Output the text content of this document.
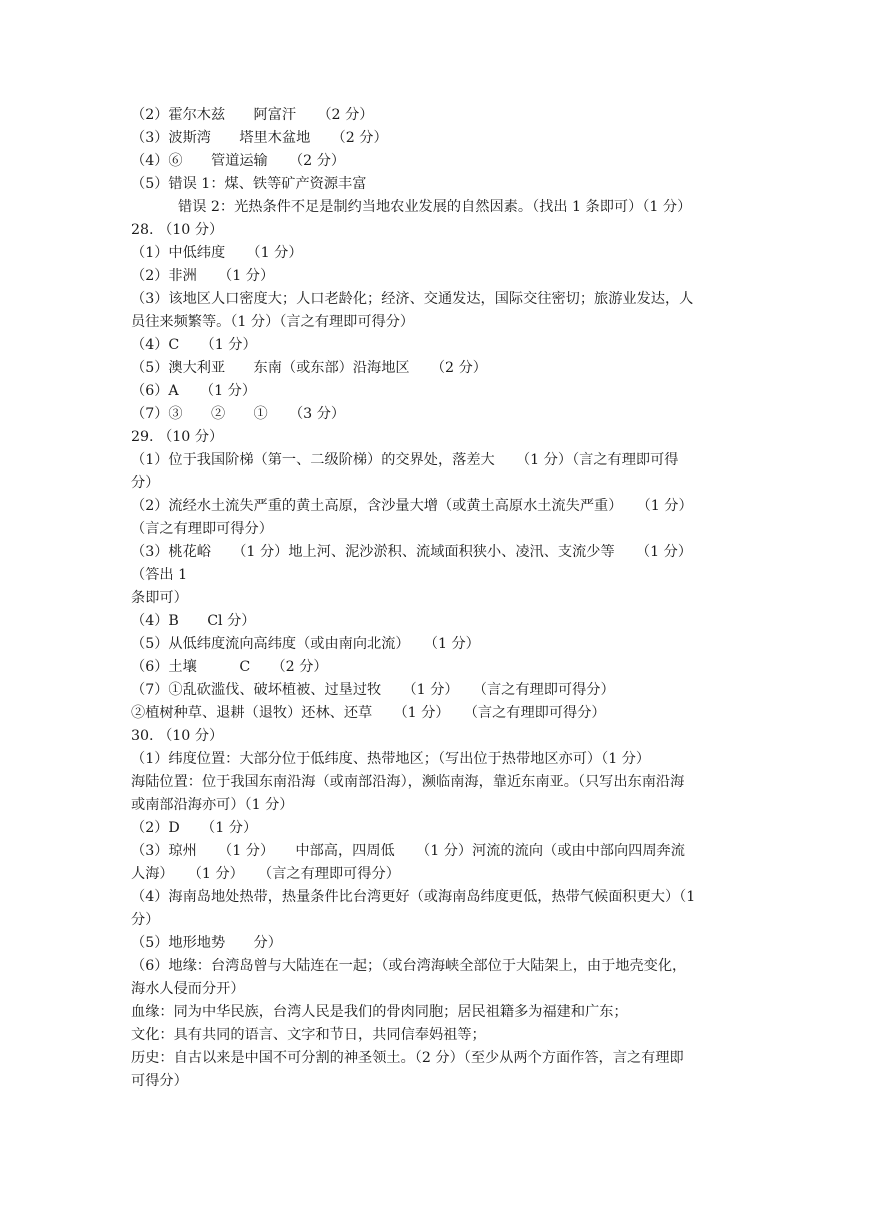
（2）霍尔木兹　　阿富汗　　（2 分）
（3）波斯湾　　塔里木盆地　　（2 分）
（4）⑥　　管道运输　　（2 分）
（5）错误 1：煤、铁等矿产资源丰富
错误 2：光热条件不足是制约当地农业发展的自然因素。（找出 1 条即可）（1 分）
28. （10 分）
（1）中低纬度　　（1 分）
（2）非洲　　（1 分）
（3）该地区人口密度大；人口老龄化；经济、交通发达，国际交往密切；旅游业发达，人
员往来频繁等。（1 分）（言之有理即可得分）
（4）C　　（1 分）
（5）澳大利亚　　东南（或东部）沿海地区　　（2 分）
（6）A　　（1 分）
（7）③　　②　　①　　（3 分）
29. （10 分）
（1）位于我国阶梯（第一、二级阶梯）的交界处，落差大　　（1 分）（言之有理即可得
分）
（2）流经水土流失严重的黄土高原，含沙量大增（或黄土高原水土流失严重）　　（1 分）
（言之有理即可得分）
（3）桃花峪　　（1 分）地上河、泥沙淤积、流域面积狭小、凌汛、支流少等　　（1 分）
（答出 1
条即可）
（4）B　　Cl 分）
（5）从低纬度流向高纬度（或由南向北流）　　（1 分）
（6）土壤　　　C　　（2 分）
（7）①乱砍滥伐、破坏植被、过垦过牧　　（1 分）　　（言之有理即可得分）
②植树种草、退耕（退牧）还林、还草　　（1 分）　　（言之有理即可得分）
30. （10 分）
（1）纬度位置：大部分位于低纬度、热带地区；（写出位于热带地区亦可）（1 分）
海陆位置：位于我国东南沿海（或南部沿海），濒临南海，靠近东南亚。（只写出东南沿海
或南部沿海亦可）（1 分）
（2）D　　（1 分）
（3）琼州　　（1 分）　　中部高，四周低　　（1 分）河流的流向（或由中部向四周奔流
人海）　　（1 分）　　（言之有理即可得分）
（4）海南岛地处热带，热量条件比台湾更好（或海南岛纬度更低，热带气候面积更大）（1
分）
（5）地形地势　　分）
（6）地缘：台湾岛曾与大陆连在一起；（或台湾海峡全部位于大陆架上，由于地壳变化，
海水人侵而分开）
血缘：同为中华民族，台湾人民是我们的骨肉同胞；居民祖籍多为福建和广东；
文化：具有共同的语言、文字和节日，共同信奉妈祖等；
历史：自古以来是中国不可分割的神圣领土。（2 分）（至少从两个方面作答，言之有理即
可得分）
